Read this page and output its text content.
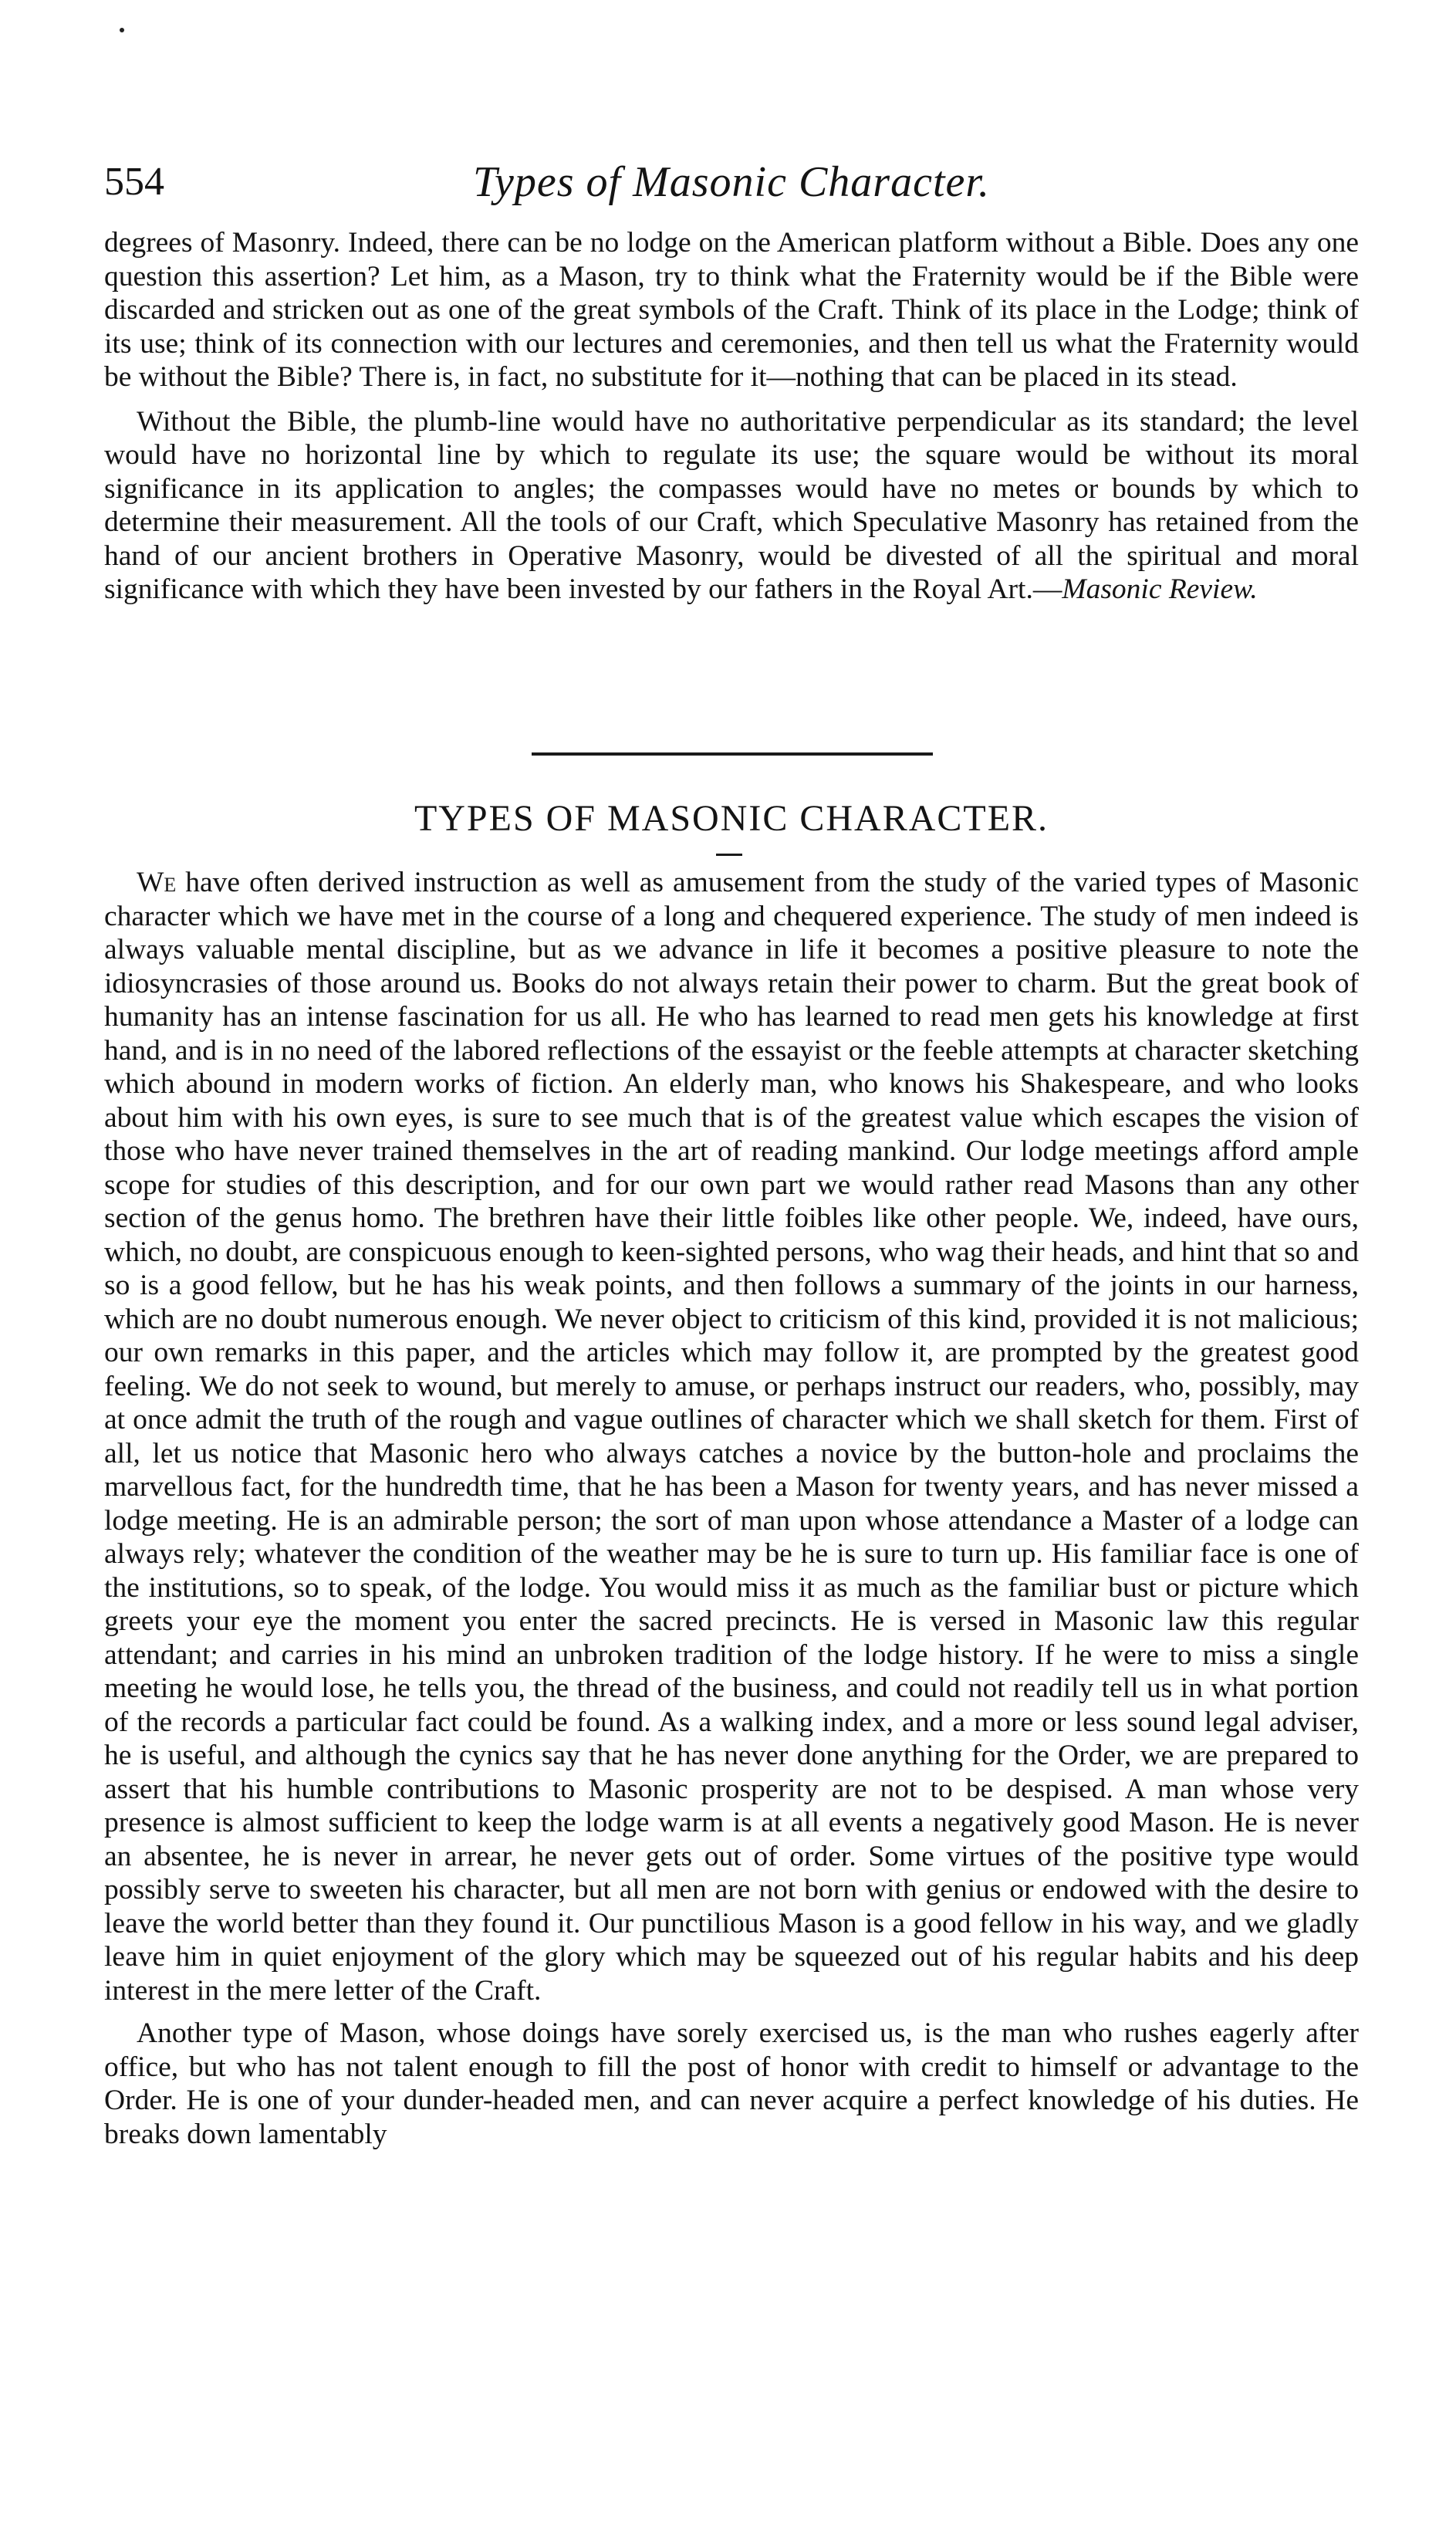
554	Types of Masonic Character.

degrees of Masonry. Indeed, there can be no lodge on the American platform without a Bible. Does any one question this assertion? Let him, as a Mason, try to think what the Fraternity would be if the Bible were discarded and stricken out as one of the great symbols of the Craft. Think of its place in the Lodge; think of its use; think of its connection with our lectures and ceremonies, and then tell us what the Fraternity would be without the Bible? There is, in fact, no substitute for it—nothing that can be placed in its stead.

Without the Bible, the plumb-line would have no authoritative perpendicular as its standard; the level would have no horizontal line by which to regulate its use; the square would be without its moral significance in its application to angles; the compasses would have no metes or bounds by which to determine their measurement. All the tools of our Craft, which Speculative Masonry has retained from the hand of our ancient brothers in Operative Masonry, would be divested of all the spiritual and moral significance with which they have been invested by our fathers in the Royal Art.—Masonic Review.

TYPES OF MASONIC CHARACTER.

We have often derived instruction as well as amusement from the study of the varied types of Masonic character which we have met in the course of a long and chequered experience. The study of men indeed is always valuable mental discipline, but as we advance in life it becomes a positive pleasure to note the idiosyncrasies of those around us. Books do not always retain their power to charm. But the great book of humanity has an intense fascination for us all. He who has learned to read men gets his knowledge at first hand, and is in no need of the labored reflections of the essayist or the feeble attempts at character sketching which abound in modern works of fiction. An elderly man, who knows his Shakespeare, and who looks about him with his own eyes, is sure to see much that is of the greatest value which escapes the vision of those who have never trained themselves in the art of reading mankind. Our lodge meetings afford ample scope for studies of this description, and for our own part we would rather read Masons than any other section of the genus homo. The brethren have their little foibles like other people. We, indeed, have ours, which, no doubt, are conspicuous enough to keen-sighted persons, who wag their heads, and hint that so and so is a good fellow, but he has his weak points, and then follows a summary of the joints in our harness, which are no doubt numerous enough. We never object to criticism of this kind, provided it is not malicious; our own remarks in this paper, and the articles which may follow it, are prompted by the greatest good feeling. We do not seek to wound, but merely to amuse, or perhaps instruct our readers, who, possibly, may at once admit the truth of the rough and vague outlines of character which we shall sketch for them. First of all, let us notice that Masonic hero who always catches a novice by the button-hole and proclaims the marvellous fact, for the hundredth time, that he has been a Mason for twenty years, and has never missed a lodge meeting. He is an admirable person; the sort of man upon whose attendance a Master of a lodge can always rely; whatever the condition of the weather may be he is sure to turn up. His familiar face is one of the institutions, so to speak, of the lodge. You would miss it as much as the familiar bust or picture which greets your eye the moment you enter the sacred precincts. He is versed in Masonic law this regular attendant; and carries in his mind an unbroken tradition of the lodge history. If he were to miss a single meeting he would lose, he tells you, the thread of the business, and could not readily tell us in what portion of the records a particular fact could be found. As a walking index, and a more or less sound legal adviser, he is useful, and although the cynics say that he has never done anything for the Order, we are prepared to assert that his humble contributions to Masonic prosperity are not to be despised. A man whose very presence is almost sufficient to keep the lodge warm is at all events a negatively good Mason. He is never an absentee, he is never in arrear, he never gets out of order. Some virtues of the positive type would possibly serve to sweeten his character, but all men are not born with genius or endowed with the desire to leave the world better than they found it. Our punctilious Mason is a good fellow in his way, and we gladly leave him in quiet enjoyment of the glory which may be squeezed out of his regular habits and his deep interest in the mere letter of the Craft.

Another type of Mason, whose doings have sorely exercised us, is the man who rushes eagerly after office, but who has not talent enough to fill the post of honor with credit to himself or advantage to the Order. He is one of your dunder-headed men, and can never acquire a perfect knowledge of his duties. He breaks down lamentably
